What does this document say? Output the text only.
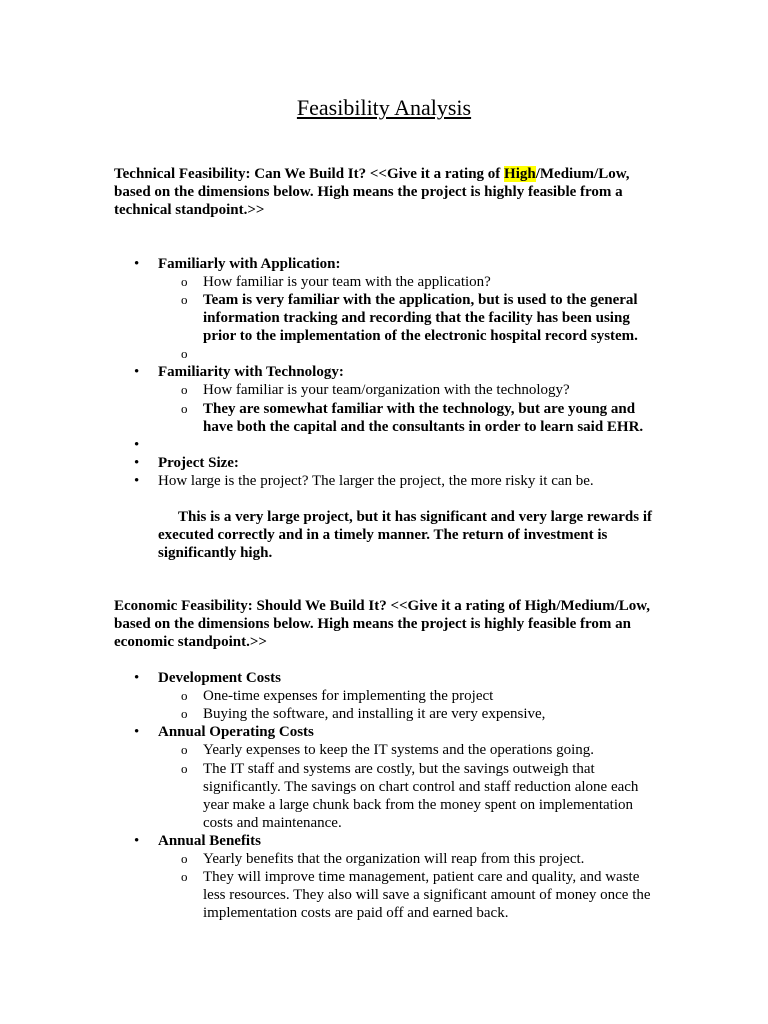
Feasibility Analysis
Technical Feasibility: Can We Build It? <<Give it a rating of High/Medium/Low, based on the dimensions below. High means the project is highly feasible from a technical standpoint.>>
• Familiarly with Application:
o How familiar is your team with the application?
o Team is very familiar with the application, but is used to the general information tracking and recording that the facility has been using prior to the implementation of the electronic hospital record system.
o
• Familiarity with Technology:
o How familiar is your team/organization with the technology?
o They are somewhat familiar with the technology, but are young and have both the capital and the consultants in order to learn said EHR.
•
• Project Size:
• How large is the project? The larger the project, the more risky it can be.
This is a very large project, but it has significant and very large rewards if executed correctly and in a timely manner. The return of investment is significantly high.
Economic Feasibility: Should We Build It? <<Give it a rating of High/Medium/Low, based on the dimensions below. High means the project is highly feasible from an economic standpoint.>>
• Development Costs
o One-time expenses for implementing the project
o Buying the software, and installing it are very expensive,
• Annual Operating Costs
o Yearly expenses to keep the IT systems and the operations going.
o The IT staff and systems are costly, but the savings outweigh that significantly. The savings on chart control and staff reduction alone each year make a large chunk back from the money spent on implementation costs and maintenance.
• Annual Benefits
o Yearly benefits that the organization will reap from this project.
o They will improve time management, patient care and quality, and waste less resources. They also will save a significant amount of money once the implementation costs are paid off and earned back.
